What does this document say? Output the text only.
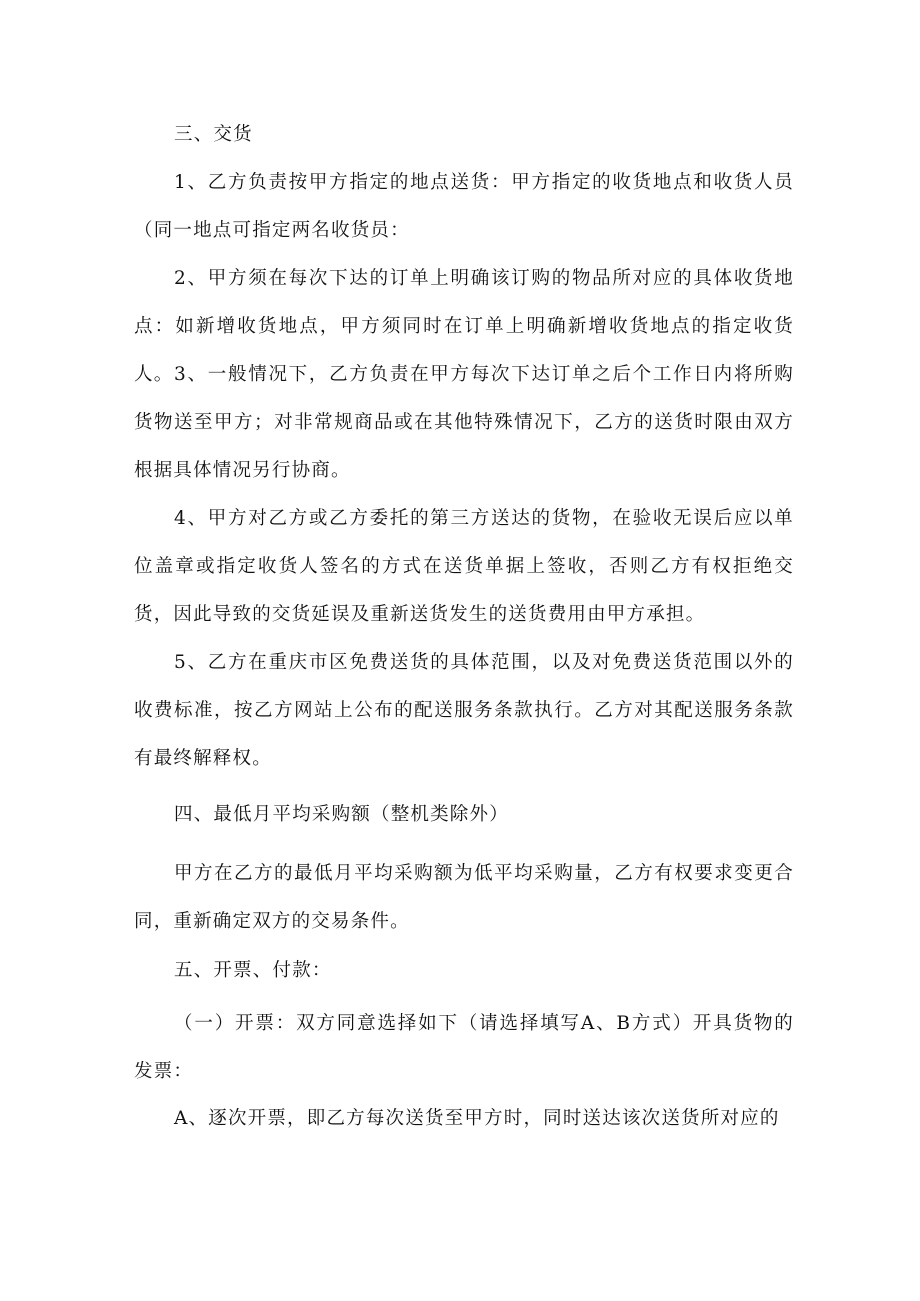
三、交货

1、乙方负责按甲方指定的地点送货：甲方指定的收货地点和收货人员（同一地点可指定两名收货员：

2、甲方须在每次下达的订单上明确该订购的物品所对应的具体收货地点：如新增收货地点，甲方须同时在订单上明确新增收货地点的指定收货人。 3、一般情况下，乙方负责在甲方每次下达订单之后个工作日内将所购货物送至甲方；对非常规商品或在其他特殊情况下，乙方的送货时限由双方根据具体情况另行协商。

4、甲方对乙方或乙方委托的第三方送达的货物，在验收无误后应以单位盖章或指定收货人签名的方式在送货单据上签收，否则乙方有权拒绝交货，因此导致的交货延误及重新送货发生的送货费用由甲方承担。

5、乙方在重庆市区免费送货的具体范围，以及对免费送货范围以外的收费标准，按乙方网站上公布的配送服务条款执行。乙方对其配送服务条款有最终解释权。

四、最低月平均采购额（整机类除外）

甲方在乙方的最低月平均采购额为低平均采购量，乙方有权要求变更合同，重新确定双方的交易条件。

五、开票、付款：

（一）开票：双方同意选择如下（请选择填写A、B方式）开具货物的发票：

A、逐次开票，即乙方每次送货至甲方时，同时送达该次送货所对应的
